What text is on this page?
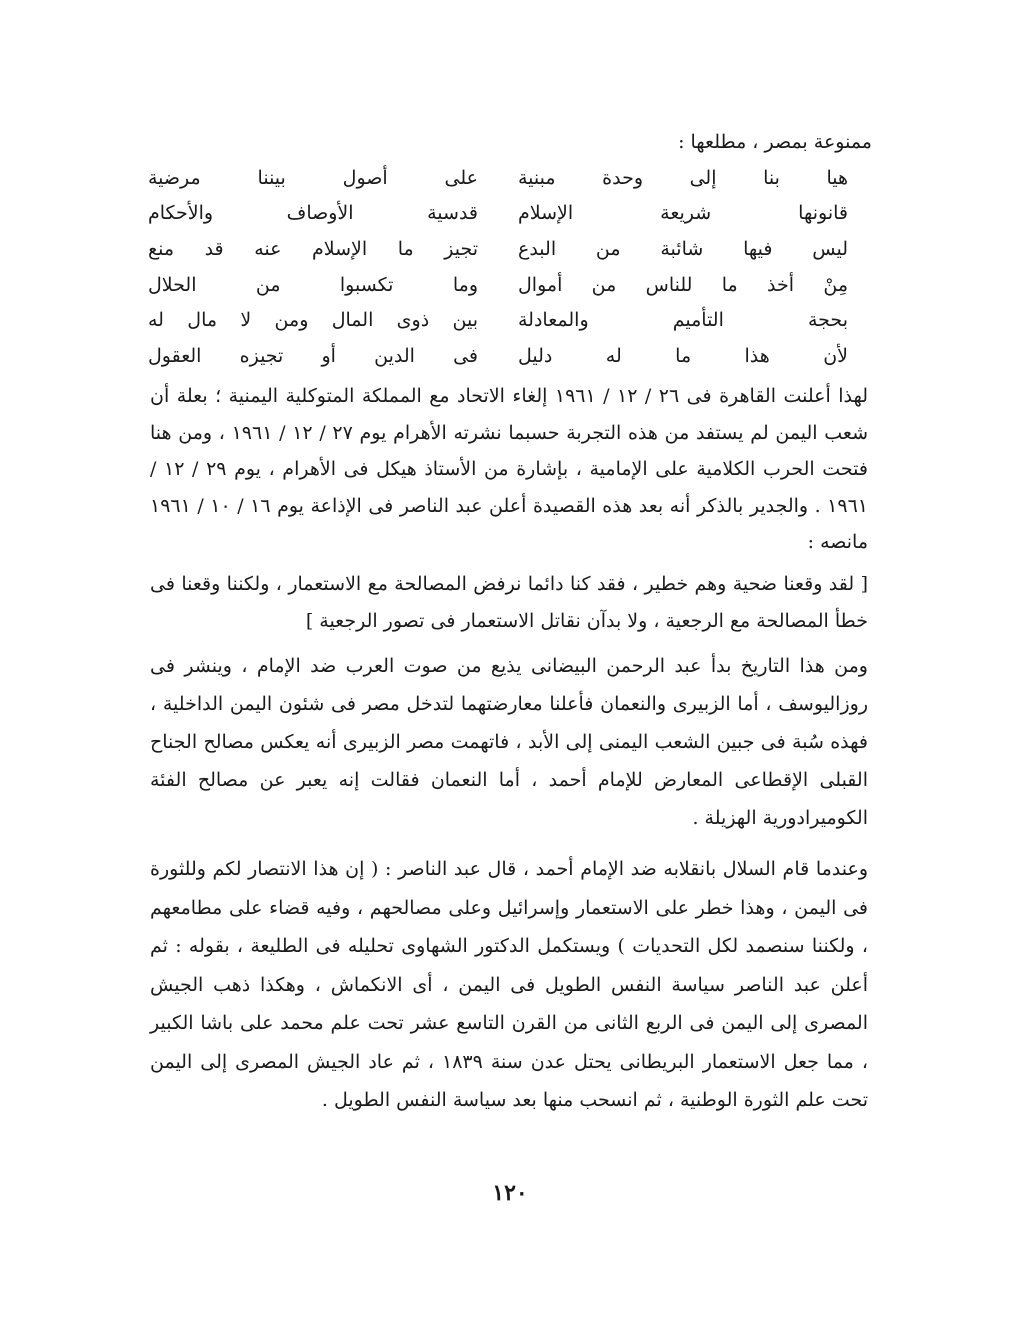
ممنوعة بمصر ، مطلعها :
هيا بنا إلى وحدة مبنية
على أصول بيننا مرضية
قانونها شريعة الإسلام
قدسية الأوصاف والأحكام
ليس فيها شائبة من البدع
تجيز ما الإسلام عنه قد منع
مِنْ أخذ ما للناس من أموال
وما تكسبوا من الحلال
بحجة التأميم والمعادلة
بين ذوى المال ومن لا مال له
لأن هذا ما له دليل
فى الدين أو تجيزه العقول

لهذا أعلنت القاهرة فى ٢٦ / ١٢ / ١٩٦١ إلغاء الاتحاد مع المملكة المتوكلية اليمنية ؛ بعلة أن شعب اليمن لم يستفد من هذه التجربة حسبما نشرته الأهرام يوم ٢٧ / ١٢ / ١٩٦١ ، ومن هنا فتحت الحرب الكلامية على الإمامية ، بإشارة من الأستاذ هيكل فى الأهرام ، يوم ٢٩ / ١٢ / ١٩٦١ . والجدير بالذكر أنه بعد هذه القصيدة أعلن عبد الناصر فى الإذاعة يوم ١٦ / ١٠ / ١٩٦١ مانصه :

[ لقد وقعنا ضحية وهم خطير ، فقد كنا دائما نرفض المصالحة مع الاستعمار ، ولكننا وقعنا فى خطأ المصالحة مع الرجعية ، ولا بدآن نقاتل الاستعمار فى تصور الرجعية ]

ومن هذا التاريخ بدأ عبد الرحمن البيضانى يذيع من صوت العرب ضد الإمام ، وينشر فى روزاليوسف ، أما الزبيرى والنعمان فأعلنا معارضتهما لتدخل مصر فى شئون اليمن الداخلية ، فهذه سُبة فى جبين الشعب اليمنى إلى الأبد ، فاتهمت مصر الزبيرى أنه يعكس مصالح الجناح القبلى الإقطاعى المعارض للإمام أحمد ، أما النعمان فقالت إنه يعبر عن مصالح الفئة الكوميرادورية الهزيلة .

وعندما قام السلال بانقلابه ضد الإمام أحمد ، قال عبد الناصر : ( إن هذا الانتصار لكم وللثورة فى اليمن ، وهذا خطر على الاستعمار وإسرائيل وعلى مصالحهم ، وفيه قضاء على مطامعهم ، ولكننا سنصمد لكل التحديات ) ويستكمل الدكتور الشهاوى تحليله فى الطليعة ، بقوله : ثم أعلن عبد الناصر سياسة النفس الطويل فى اليمن ، أى الانكماش ، وهكذا ذهب الجيش المصرى إلى اليمن فى الربع الثانى من القرن التاسع عشر تحت علم محمد على باشا الكبير ، مما جعل الاستعمار البريطانى يحتل عدن سنة ١٨٣٩ ، ثم عاد الجيش المصرى إلى اليمن تحت علم الثورة الوطنية ، ثم انسحب منها بعد سياسة النفس الطويل .

١٢٠
